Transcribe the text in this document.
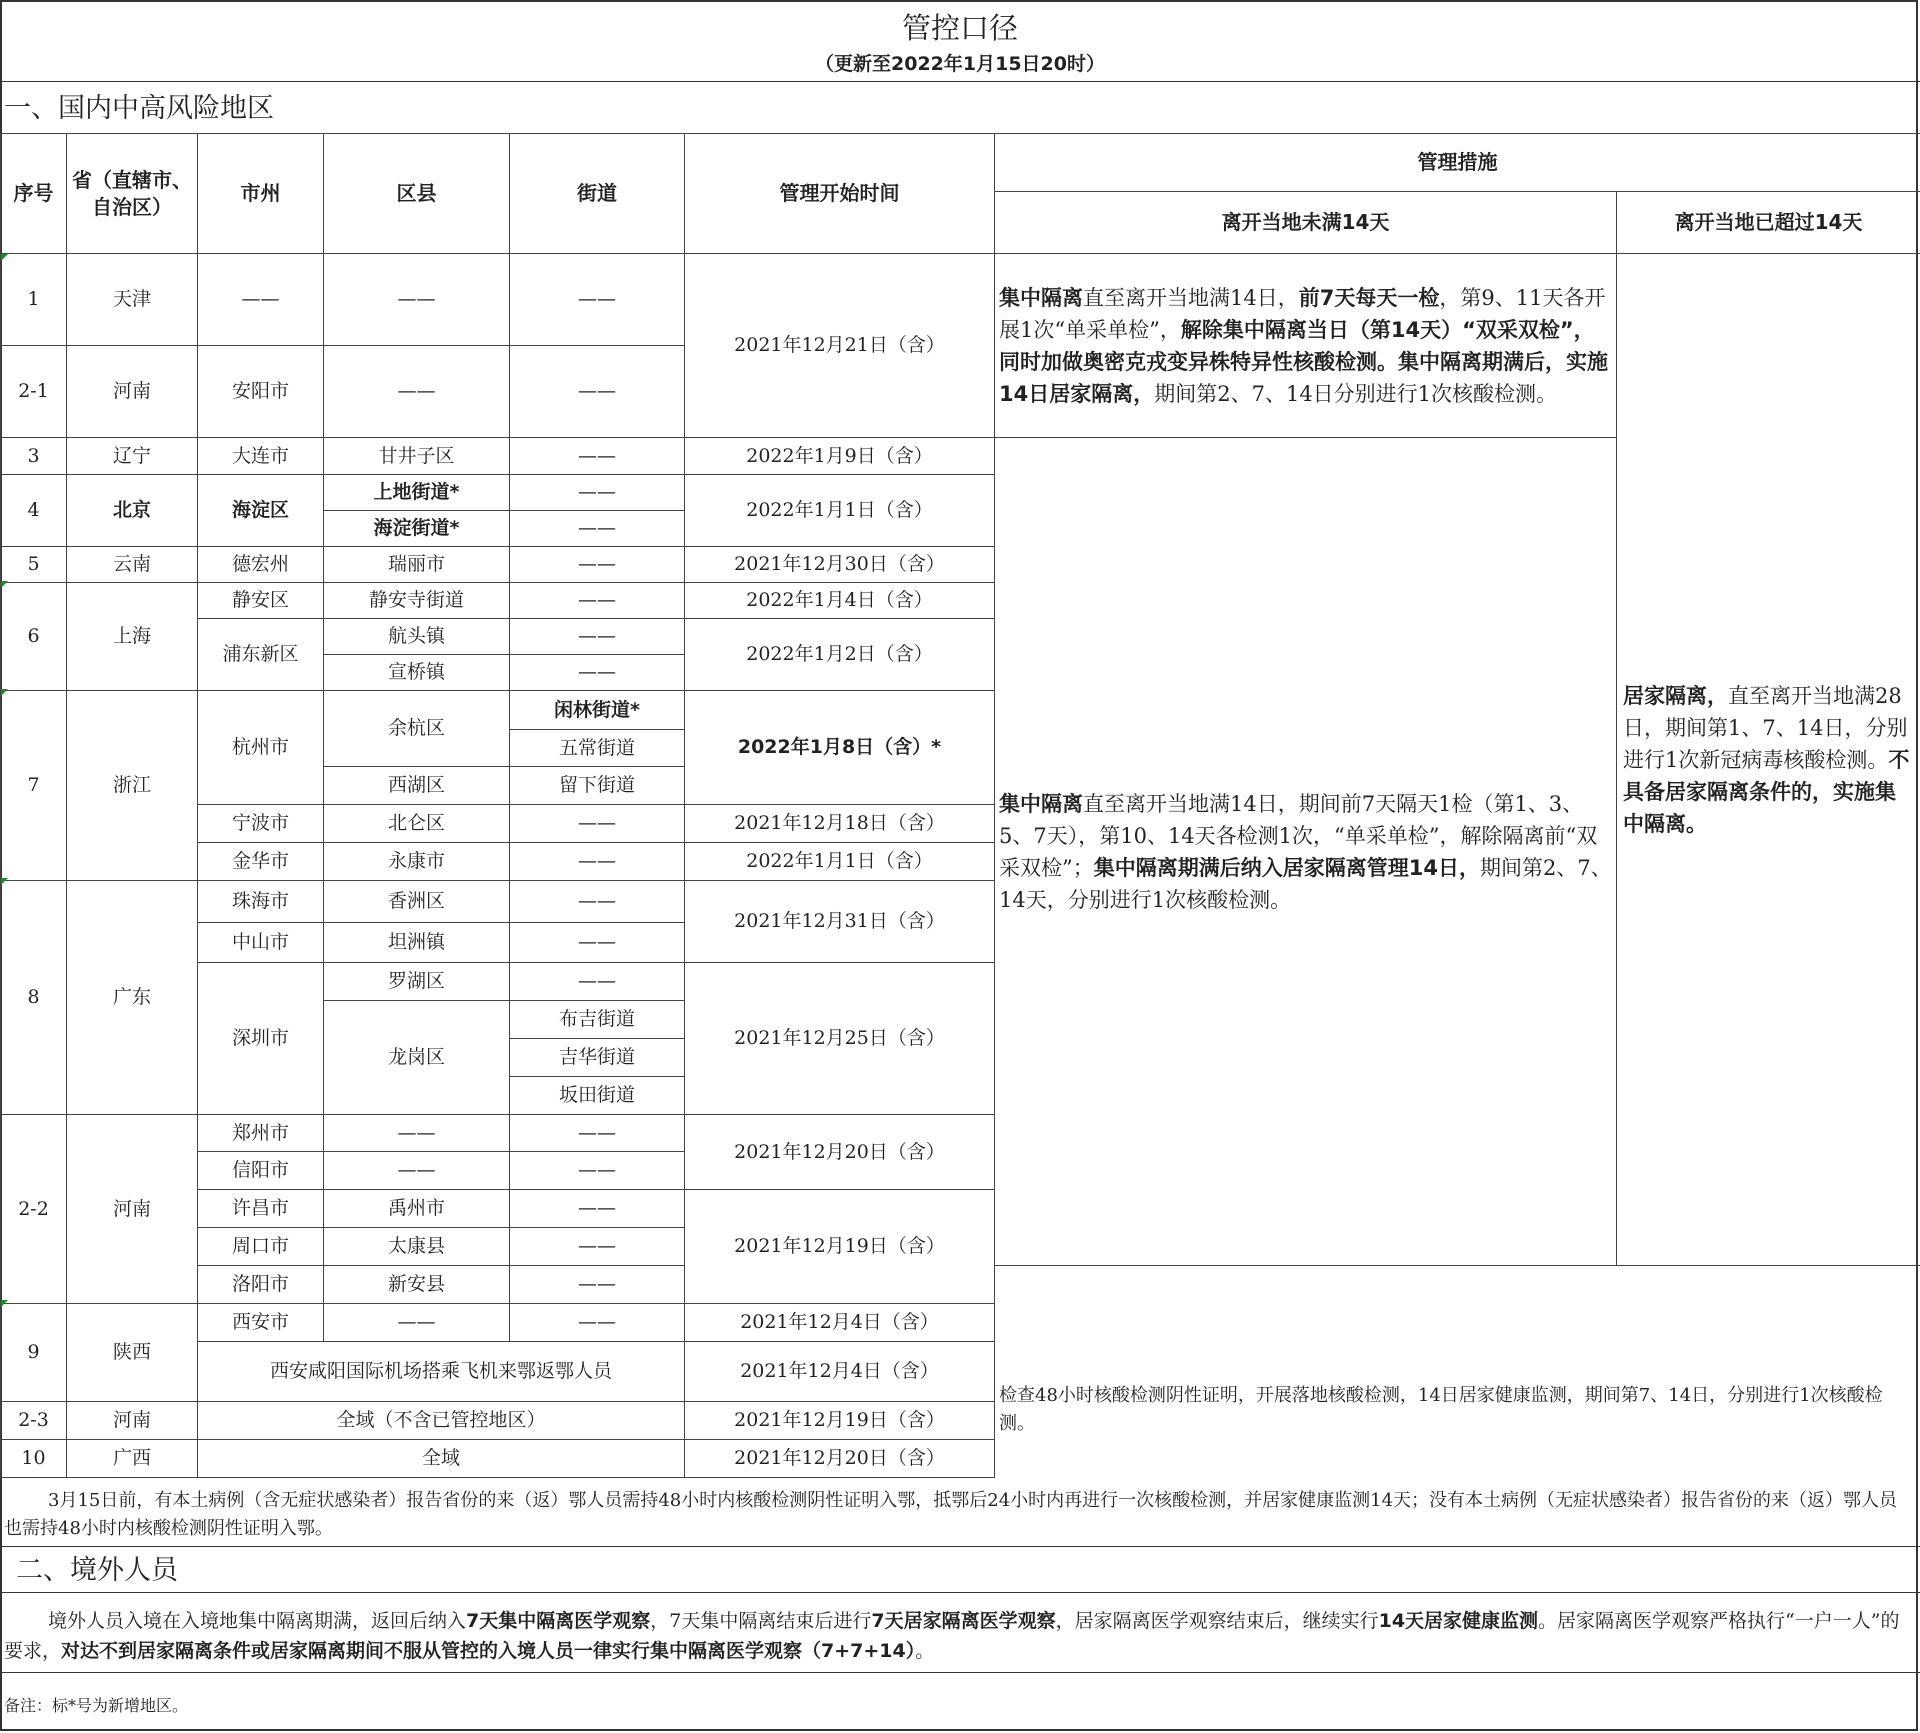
管控口径
（更新至2022年1月15日20时）
一、国内中高风险地区
序号	省（直辖市、自治区）	市州	区县	街道	管理开始时间	管理措施	
						离开当地未满14天	离开当地已超过14天
1	天津	——	——	——	2021年12月21日（含）	集中隔离直至离开当地满14日，前7天每天一检，第9、11天各开展1次“单采单检”，解除集中隔离当日（第14天）“双采双检”，同时加做奥密克戎变异株特异性核酸检测。集中隔离期满后，实施14日居家隔离，期间第2、7、14日分别进行1次核酸检测。	居家隔离，直至离开当地满28日，期间第1、7、14日，分别进行1次新冠病毒核酸检测。不具备居家隔离条件的，实施集中隔离。
2-1	河南	安阳市	——	——			
3	辽宁	大连市	甘井子区	——	2022年1月9日（含）	集中隔离直至离开当地满14日，期间前7天隔天1检（第1、3、5、7天），第10、14天各检测1次，“单采单检”，解除隔离前“双采双检”；集中隔离期满后纳入居家隔离管理14日，期间第2、7、14天，分别进行1次核酸检测。	
4	北京	海淀区	上地街道*	——	2022年1月1日（含）		
			海淀街道*	——			
5	云南	德宏州	瑞丽市	——	2021年12月30日（含）		
6	上海	静安区	静安寺街道	——	2022年1月4日（含）		
		浦东新区	航头镇	——	2022年1月2日（含）		
			宣桥镇	——			
7	浙江	杭州市	余杭区	闲林街道*	2022年1月8日（含）*		
				五常街道			
			西湖区	留下街道			
		宁波市	北仑区	——	2021年12月18日（含）		
		金华市	永康市	——	2022年1月1日（含）		
8	广东	珠海市	香洲区	——	2021年12月31日（含）		
		中山市	坦洲镇	——			
		深圳市	罗湖区	——	2021年12月25日（含）		
			龙岗区	布吉街道			
				吉华街道			
				坂田街道			
2-2	河南	郑州市	——	——	2021年12月20日（含）		
		信阳市	——	——			
		许昌市	禹州市	——	2021年12月19日（含）		
		周口市	太康县	——			
		洛阳市	新安县	——			
9	陕西	西安市	——	——	2021年12月4日（含）		
		西安咸阳国际机场搭乘飞机来鄂返鄂人员			2021年12月4日（含）	检查48小时核酸检测阴性证明，开展落地核酸检测，14日居家健康监测，期间第7、14日，分别进行1次核酸检测。	
2-3	河南	全域（不含已管控地区）			2021年12月19日（含）		
10	广西	全域			2021年12月20日（含）		
3月15日前，有本土病例（含无症状感染者）报告省份的来（返）鄂人员需持48小时内核酸检测阴性证明入鄂，抵鄂后24小时内再进行一次核酸检测，并居家健康监测14天；没有本土病例（无症状感染者）报告省份的来（返）鄂人员也需持48小时内核酸检测阴性证明入鄂。
二、境外人员
境外人员入境在入境地集中隔离期满，返回后纳入7天集中隔离医学观察，7天集中隔离结束后进行7天居家隔离医学观察，居家隔离医学观察结束后，继续实行14天居家健康监测。居家隔离医学观察严格执行“一户一人”的要求，对达不到居家隔离条件或居家隔离期间不服从管控的入境人员一律实行集中隔离医学观察（7+7+14）。
备注：标*号为新增地区。
